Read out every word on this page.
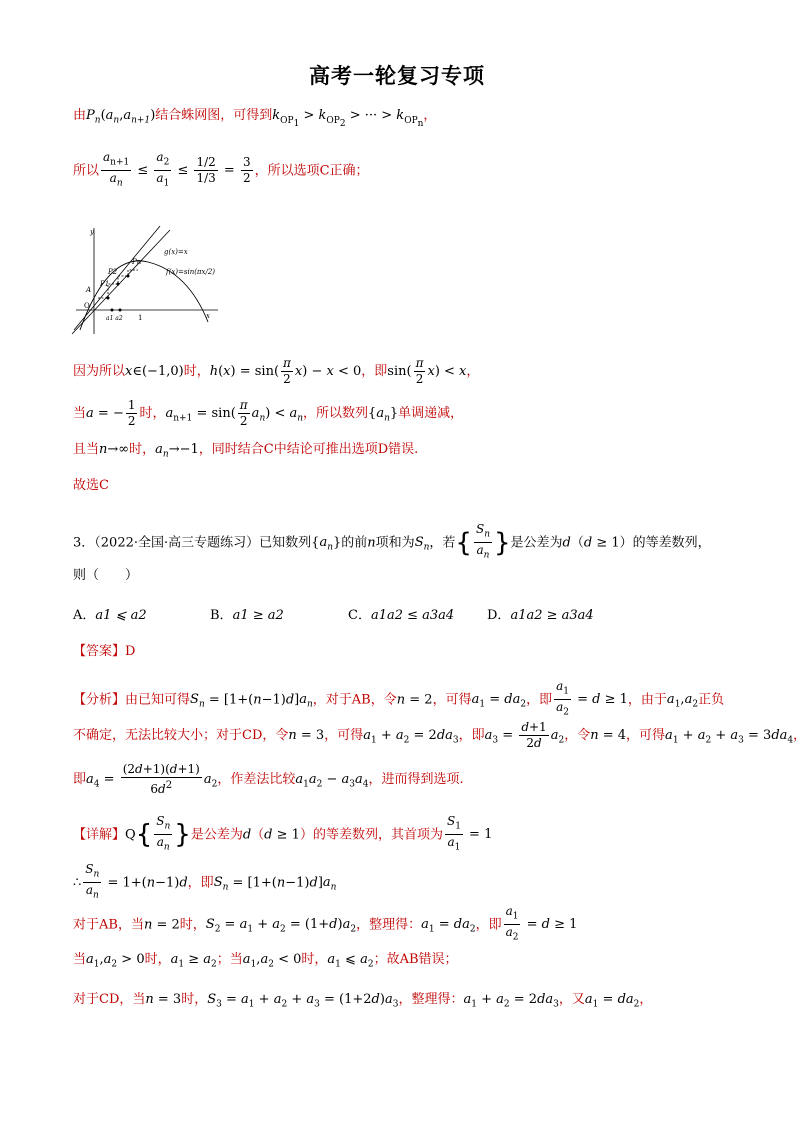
高考一轮复习专项
由$P_n(a_n,a_{n+1})$结合蛛网图，可得到$k_{OP_1} > k_{OP_2}$ > ··· > $k_{OP_n}$，
所以 $\frac{a_{n+1}}{a_n} \le \frac{a_2}{a_1} \le \frac{1/2}{1/3} = \frac{3}{2}$ ，所以选项C正确；
y
x
g(x)=x
f(x)=sin(πx/2)
O
A
P1
P2
Pn
a1 a2 1
因为所以x∈(−1,0)时，$h(x) = \sin( \frac{\pi}{2} x) - x < 0$，即$\sin( \frac{\pi}{2} x) < x$，
当a = − $\frac{1}{2}$ 时，$a_{n+1} = \sin( \frac{\pi}{2} a_n) < a_n$，所以数列$\{a_n\}$单调递减，
且当n→∞时，$a_n\to-1$，同时结合C中结论可推出选项D错误.
故选C
3．（2022·全国·高三专题练习）已知数列$\{a_n\}$的前n项和为$S_n$，若{ $\frac{S_n}{a_n}$ }是公差为d（d ≥ 1）的等差数列，
则（　　）
A．a1 ⩽ a2	B．a1 ≥ a2	C．a1a2 ≤ a3a4	D．a1a2 ≥ a3a4
【答案】D
【分析】由已知可得$S_n = [1+(n-1)d]a_n$，对于AB，令n = 2，可得$a_1 = da_2$，即 $\frac{a_1}{a_2} = d \ge 1$，由于$a_1,a_2$正负
不确定，无法比较大小；对于CD，令n = 3，可得$a_1 + a_2 = 2da_3$，即$a_3 = \frac{d+1}{2d} a_2$，令n = 4，可得$a_1 + a_2 + a_3 = 3da_4$，
即$a_4 = \frac{(2d+1)(d+1)}{6d^2} a_2$，作差法比较$a_1a_2 - a_3a_4$，进而得到选项.
【详解】$Q\{ \frac{S_n}{a_n}$ }是公差为d（d ≥ 1）的等差数列，其首项为 $\frac{S_1}{a_1} = 1$
∴ $\frac{S_n}{a_n} = 1+(n-1)d$，即$S_n = [1+(n-1)d]a_n$
对于AB，当n = 2时，$S_2 = a_1 + a_2 = (1+d)a_2$，整理得：$a_1 = da_2$，即 $\frac{a_1}{a_2} = d \ge 1$
当$a_1,a_2 > 0$时，$a_1 \ge a_2$；当$a_1,a_2 < 0$时，$a_1$ ⩽ $a_2$；故AB错误；
对于CD，当n = 3时，$S_3 = a_1 + a_2 + a_3 = (1+2d)a_3$，整理得：$a_1 + a_2 = 2da_3$，又$a_1 = da_2$，
